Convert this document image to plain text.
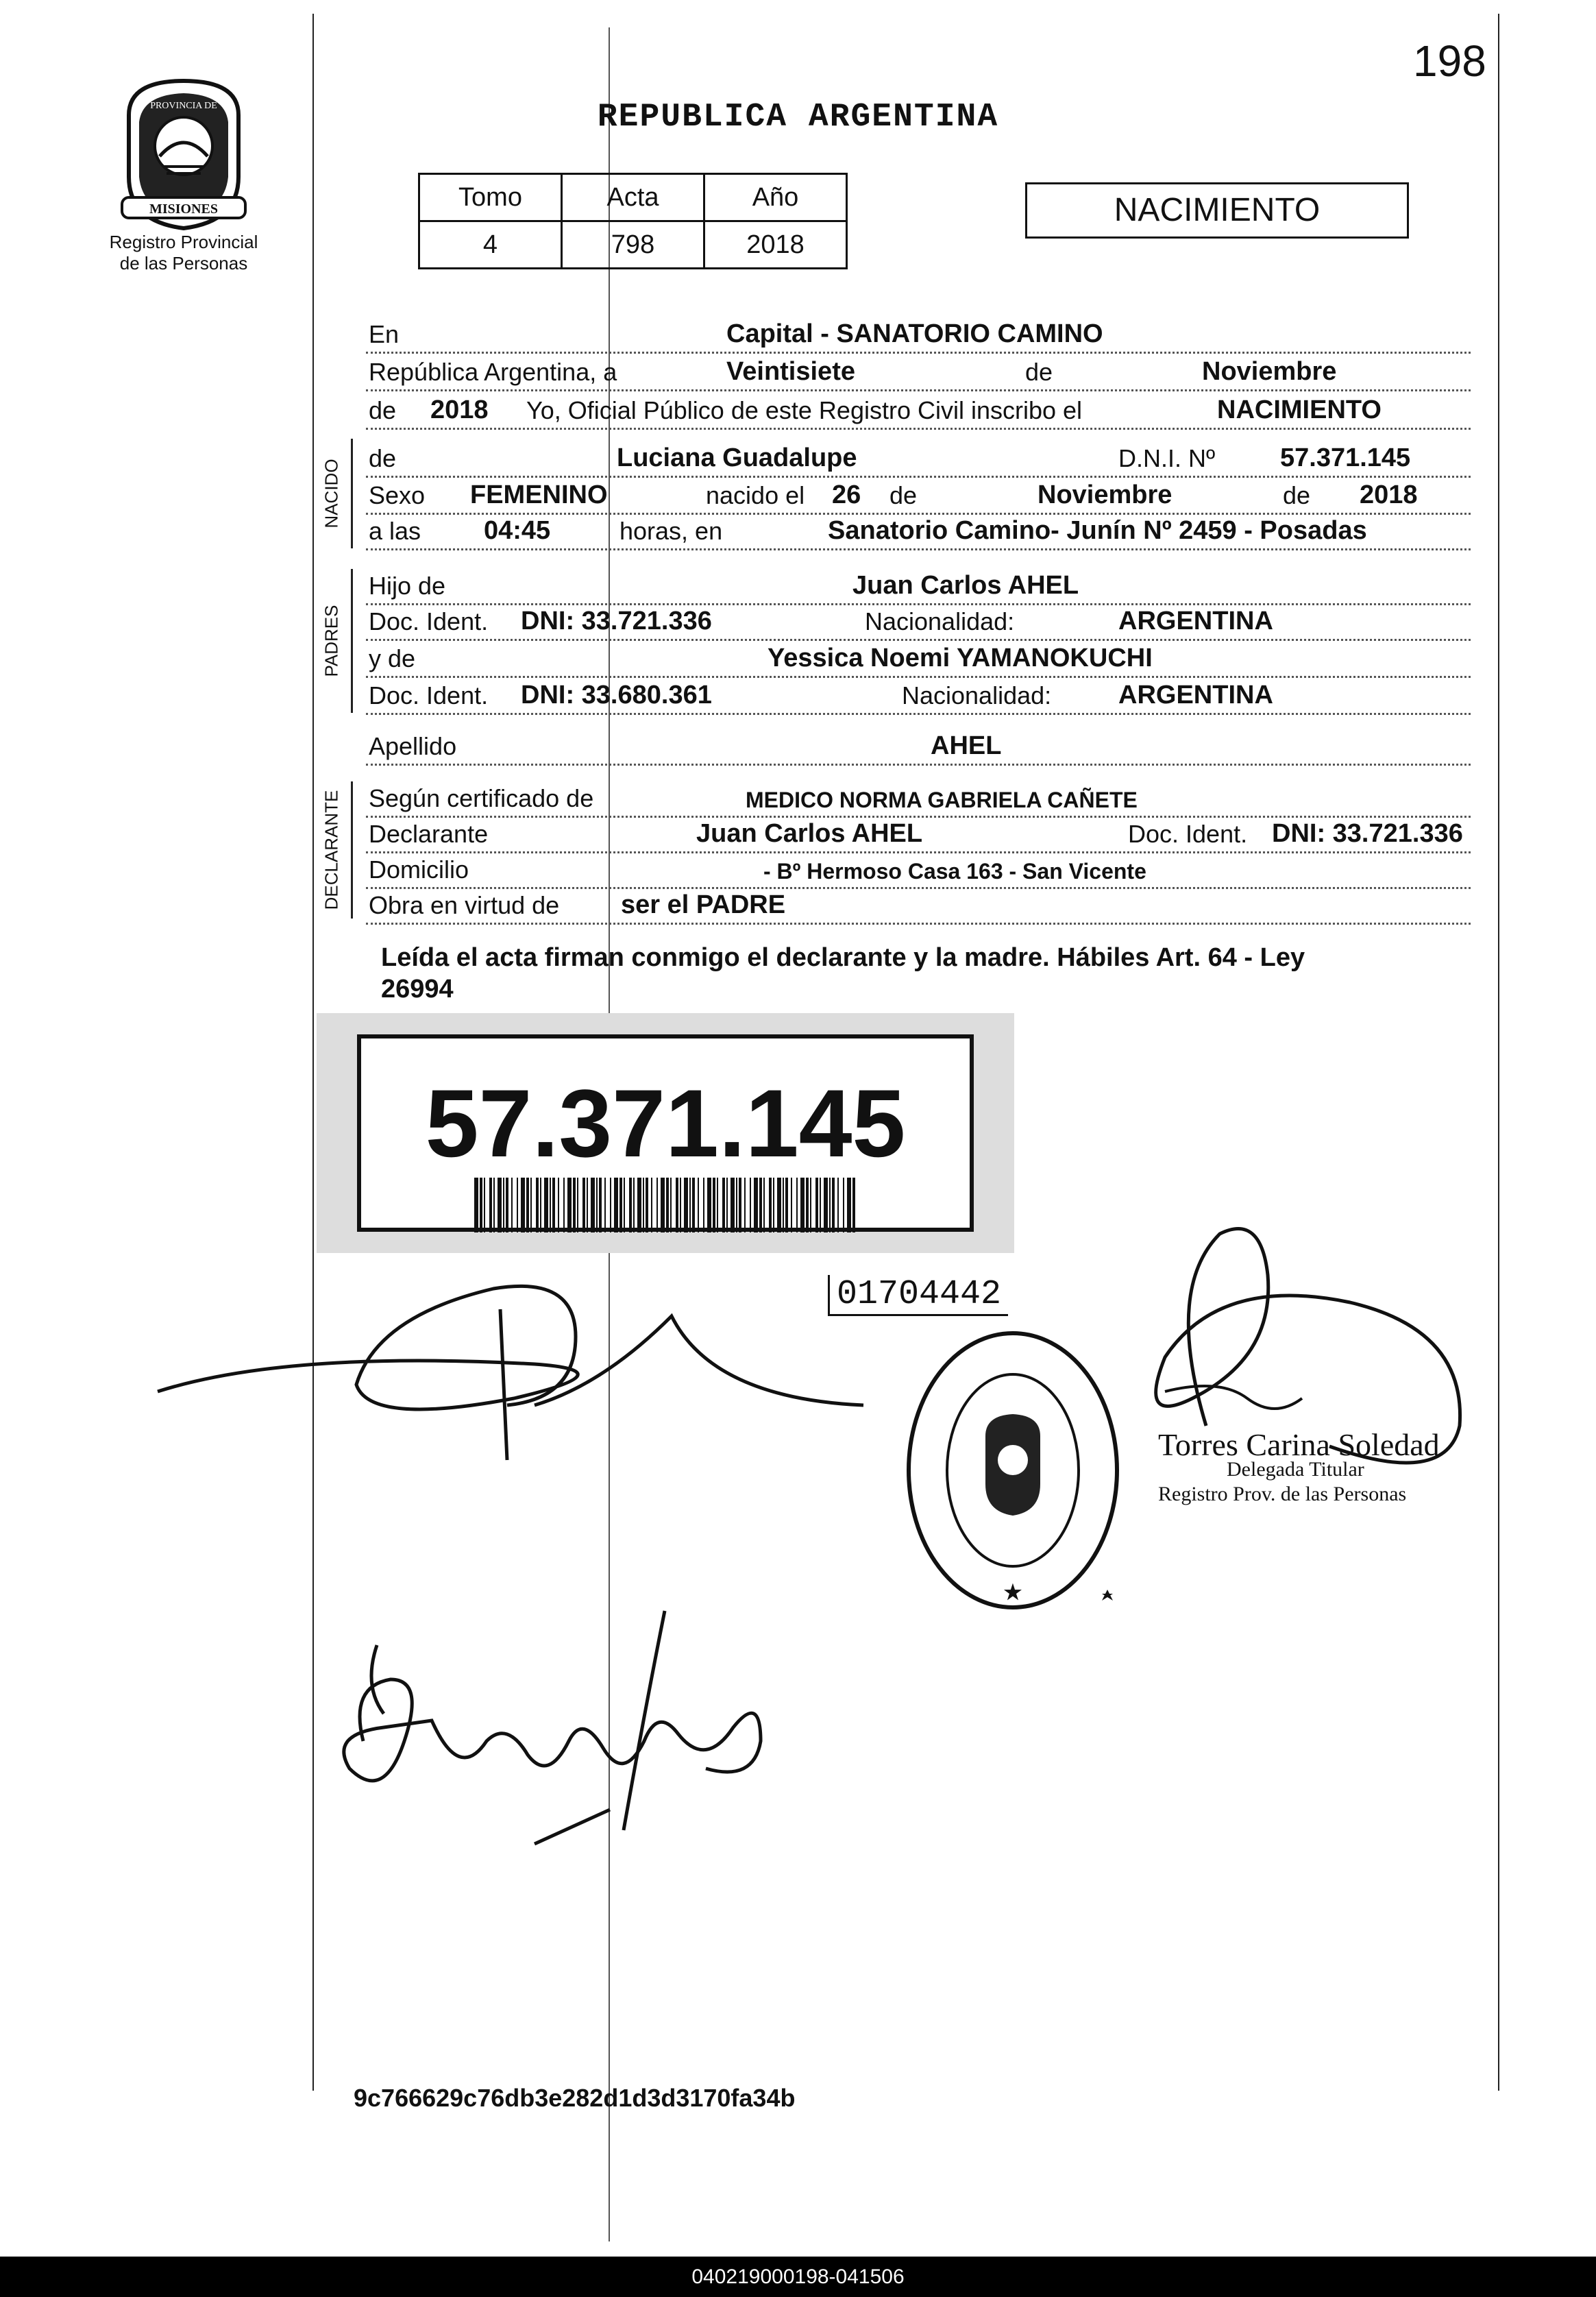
198
MISIONES
PROVINCIA DE
Registro Provincial
de las Personas
REPUBLICA ARGENTINA
Tomo	Acta	Año
4	798	2018
NACIMIENTO
En	Capital - SANATORIO CAMINO
República Argentina, a	Veintisiete	de	Noviembre
de 2018 Yo, Oficial Público de este Registro Civil inscribo el	NACIMIENTO
NACIDO
de	Luciana Guadalupe	D.N.I. Nº 57.371.145
Sexo FEMENINO	nacido el 26 de	Noviembre	de 2018
a las 04:45	horas, en	Sanatorio Camino- Junín Nº 2459 - Posadas
PADRES
Hijo de	Juan Carlos AHEL
Doc. Ident. DNI: 33.721.336	Nacionalidad:	ARGENTINA
y de	Yessica Noemi YAMANOKUCHI
Doc. Ident. DNI: 33.680.361	Nacionalidad:	ARGENTINA
Apellido	AHEL
DECLARANTE Según certificado de	MEDICO NORMA GABRIELA CAÑETE
Declarante	Juan Carlos AHEL	Doc. Ident. DNI: 33.721.336
Domicilio	- Bº Hermoso Casa 163 - San Vicente
Obra en virtud de ser el PADRE
Leída el acta firman conmigo el declarante y la madre. Hábiles Art. 64 - Ley
26994
57.371.145
01704442
Torres Carina Soledad
Delegada Titular
Registro Prov. de las Personas
★
9c766629c76db3e282d1d3d3170fa34b
040219000198-041506
